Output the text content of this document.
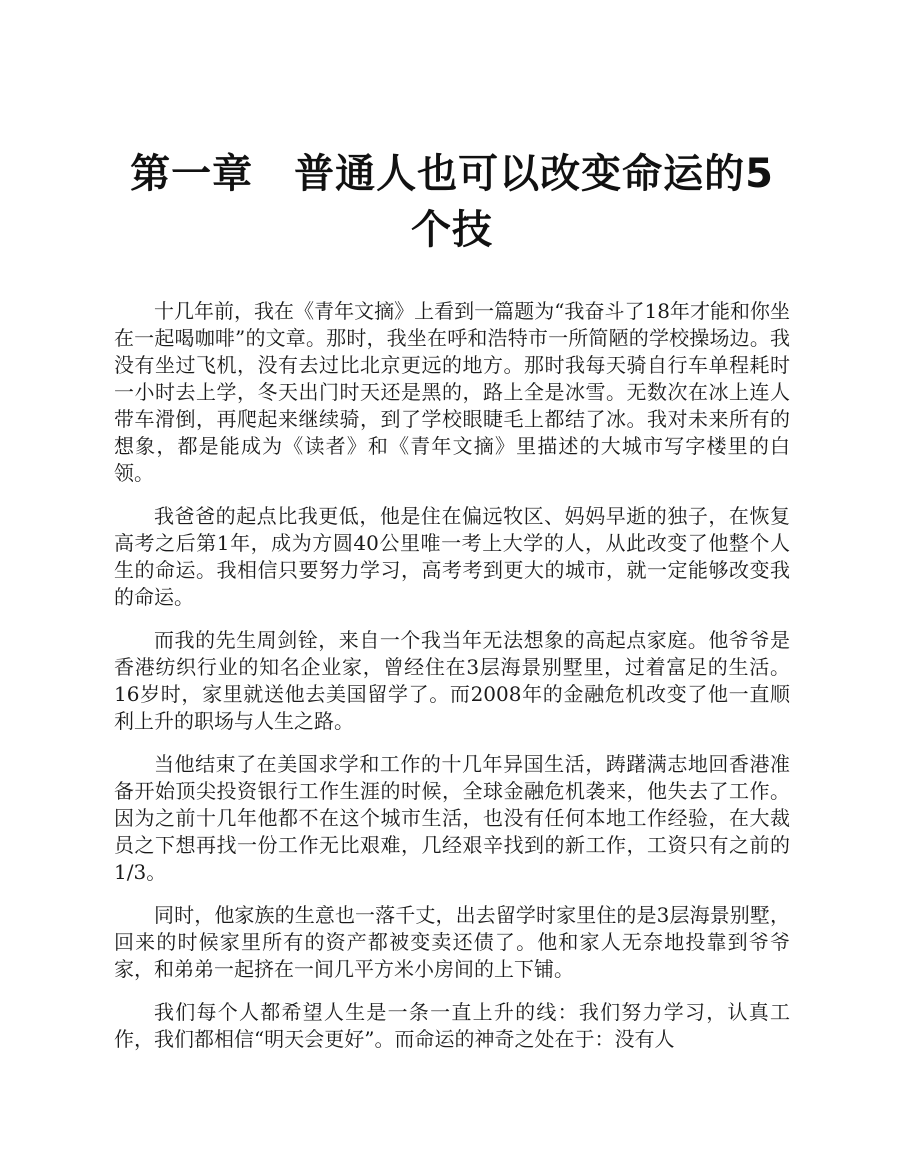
第一章　普通人也可以改变命运的5个技

十几年前，我在《青年文摘》上看到一篇题为“我奋斗了18年才能和你坐在一起喝咖啡”的文章。那时，我坐在呼和浩特市一所简陋的学校操场边。我没有坐过飞机，没有去过比北京更远的地方。那时我每天骑自行车单程耗时一小时去上学，冬天出门时天还是黑的，路上全是冰雪。无数次在冰上连人带车滑倒，再爬起来继续骑，到了学校眼睫毛上都结了冰。我对未来所有的想象，都是能成为《读者》和《青年文摘》里描述的大城市写字楼里的白领。

我爸爸的起点比我更低，他是住在偏远牧区、妈妈早逝的独子，在恢复高考之后第1年，成为方圆40公里唯一考上大学的人，从此改变了他整个人生的命运。我相信只要努力学习，高考考到更大的城市，就一定能够改变我的命运。

而我的先生周剑铨，来自一个我当年无法想象的高起点家庭。他爷爷是香港纺织行业的知名企业家，曾经住在3层海景别墅里，过着富足的生活。16岁时，家里就送他去美国留学了。而2008年的金融危机改变了他一直顺利上升的职场与人生之路。

当他结束了在美国求学和工作的十几年异国生活，踌躇满志地回香港准备开始顶尖投资银行工作生涯的时候，全球金融危机袭来，他失去了工作。因为之前十几年他都不在这个城市生活，也没有任何本地工作经验，在大裁员之下想再找一份工作无比艰难，几经艰辛找到的新工作，工资只有之前的1/3。

同时，他家族的生意也一落千丈，出去留学时家里住的是3层海景别墅，回来的时候家里所有的资产都被变卖还债了。他和家人无奈地投靠到爷爷家，和弟弟一起挤在一间几平方米小房间的上下铺。

我们每个人都希望人生是一条一直上升的线：我们努力学习，认真工作，我们都相信“明天会更好”。而命运的神奇之处在于：没有人
